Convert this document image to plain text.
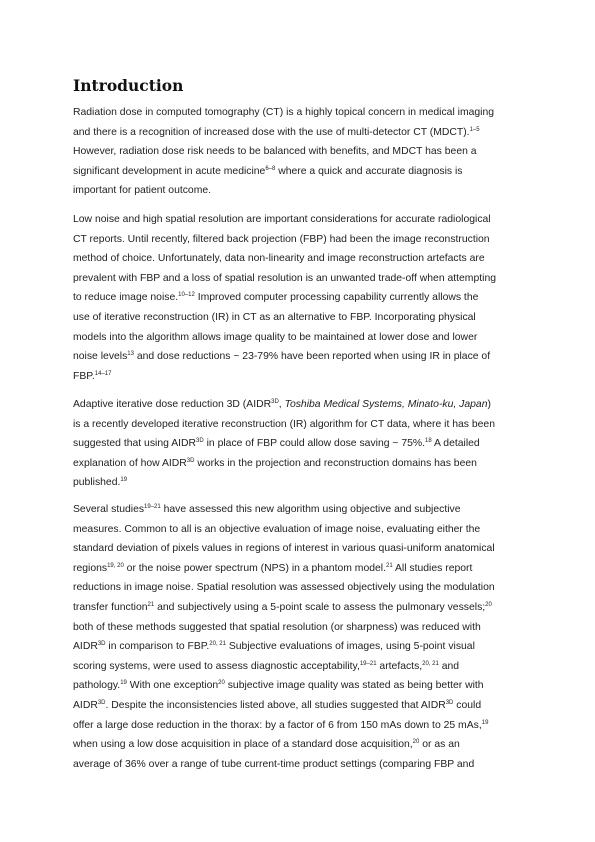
Introduction
Radiation dose in computed tomography (CT) is a highly topical concern in medical imaging
and there is a recognition of increased dose with the use of multi-detector CT (MDCT).$^{1-5}$
However, radiation dose risk needs to be balanced with benefits, and MDCT has been a
significant development in acute medicine$^{6-8}$ where a quick and accurate diagnosis is
important for patient outcome.
Low noise and high spatial resolution are important considerations for accurate radiological
CT reports. Until recently, filtered back projection (FBP) had been the image reconstruction
method of choice. Unfortunately, data non-linearity and image reconstruction artefacts are
prevalent with FBP and a loss of spatial resolution is an unwanted trade-off when attempting
to reduce image noise.$^{10-12}$ Improved computer processing capability currently allows the
use of iterative reconstruction (IR) in CT as an alternative to FBP. Incorporating physical
models into the algorithm allows image quality to be maintained at lower dose and lower
noise levels$^{13}$ and dose reductions ~ 23-79% have been reported when using IR in place of
FBP.$^{14-17}$
Adaptive iterative dose reduction 3D ($AIDR^{3D}$, Toshiba Medical Systems, Minato-ku, Japan)
is a recently developed iterative reconstruction (IR) algorithm for CT data, where it has been
suggested that using $AIDR^{3D}$ in place of FBP could allow dose saving ~ 75%.$^{18}$ A detailed
explanation of how $AIDR^{3D}$ works in the projection and reconstruction domains has been
published.$^{19}$
Several studies$^{19-21}$ have assessed this new algorithm using objective and subjective
measures. Common to all is an objective evaluation of image noise, evaluating either the
standard deviation of pixels values in regions of interest in various quasi-uniform anatomical
regions$^{19, 20}$ or the noise power spectrum (NPS) in a phantom model.$^{21}$ All studies report
reductions in image noise. Spatial resolution was assessed objectively using the modulation
transfer function$^{21}$ and subjectively using a 5-point scale to assess the pulmonary vessels;$^{20}$
both of these methods suggested that spatial resolution (or sharpness) was reduced with
$AIDR^{3D}$ in comparison to FBP.$^{20, 21}$ Subjective evaluations of images, using 5-point visual
scoring systems, were used to assess diagnostic acceptability,$^{19-21}$ artefacts,$^{20, 21}$ and
pathology.$^{19}$ With one exception$^{20}$ subjective image quality was stated as being better with
$AIDR^{3D}$. Despite the inconsistencies listed above, all studies suggested that $AIDR^{3D}$ could
offer a large dose reduction in the thorax: by a factor of 6 from 150 mAs down to 25 mAs,$^{19}$
when using a low dose acquisition in place of a standard dose acquisition,$^{20}$ or as an
average of 36% over a range of tube current-time product settings (comparing FBP and
